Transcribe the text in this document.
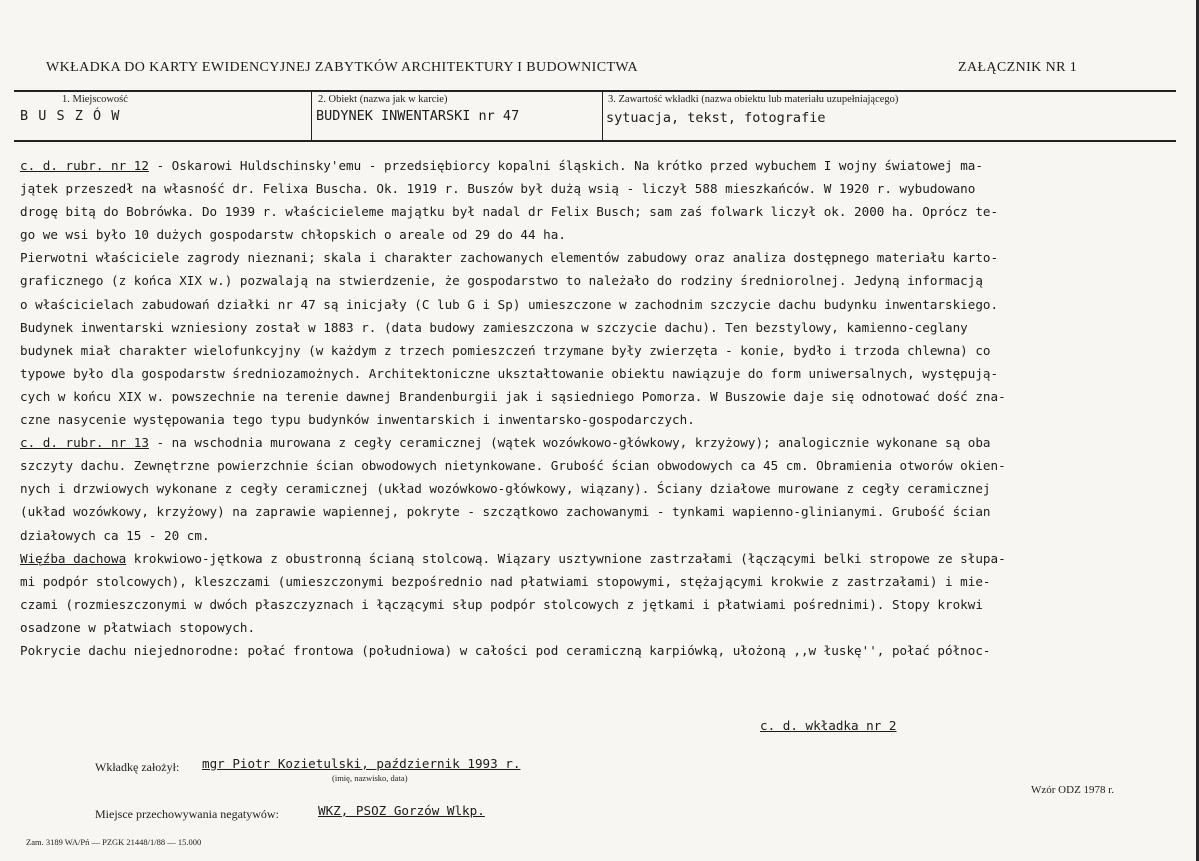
WKŁADKA DO KARTY EWIDENCYJNEJ ZABYTKÓW ARCHITEKTURY I BUDOWNICTWA	ZAŁĄCZNIK NR 1
1. Miejscowość
B U S Z Ó W
2. Obiekt (nazwa jak w karcie)
BUDYNEK INWENTARSKI nr 47
3. Zawartość wkładki (nazwa obiektu lub materiału uzupełniającego)
sytuacja, tekst, fotografie
c. d. rubr. nr 12 - Oskarowi Huldschinsky'emu - przedsiębiorcy kopalni śląskich. Na krótko przed wybuchem I wojny światowej ma-
jątek przeszedł na własność dr. Felixa Buscha. Ok. 1919 r. Buszów był dużą wsią - liczył 588 mieszkańców. W 1920 r. wybudowano
drogę bitą do Bobrówka. Do 1939 r. właścicieleme majątku był nadal dr Felix Busch; sam zaś folwark liczył ok. 2000 ha. Oprócz te-
go we wsi było 10 dużych gospodarstw chłopskich o areale od 29 do 44 ha.
Pierwotni właściciele zagrody nieznani; skala i charakter zachowanych elementów zabudowy oraz analiza dostępnego materiału karto-
graficznego (z końca XIX w.) pozwalają na stwierdzenie, że gospodarstwo to należało do rodziny średniorolnej. Jedyną informacją
o właścicielach zabudowań działki nr 47 są inicjały (C lub G i Sp) umieszczone w zachodnim szczycie dachu budynku inwentarskiego.
Budynek inwentarski wzniesiony został w 1883 r. (data budowy zamieszczona w szczycie dachu). Ten bezstylowy, kamienno-ceglany
budynek miał charakter wielofunkcyjny (w każdym z trzech pomieszczeń trzymane były zwierzęta - konie, bydło i trzoda chlewna) co
typowe było dla gospodarstw średniozamożnych. Architektoniczne ukształtowanie obiektu nawiązuje do form uniwersalnych, występują-
cych w końcu XIX w. powszechnie na terenie dawnej Brandenburgii jak i sąsiedniego Pomorza. W Buszowie daje się odnotować dość zna-
czne nasycenie występowania tego typu budynków inwentarskich i inwentarsko-gospodarczych.
c. d. rubr. nr 13 - na wschodnia murowana z cegły ceramicznej (wątek wozówkowo-główkowy, krzyżowy); analogicznie wykonane są oba
szczyty dachu. Zewnętrzne powierzchnie ścian obwodowych nietynkowane. Grubość ścian obwodowych ca 45 cm. Obramienia otworów okien-
nych i drzwiowych wykonane z cegły ceramicznej (układ wozówkowo-główkowy, wiązany). Ściany działowe murowane z cegły ceramicznej
(układ wozówkowy, krzyżowy) na zaprawie wapiennej, pokryte - szczątkowo zachowanymi - tynkami wapienno-glinianymi. Grubość ścian
działowych ca 15 - 20 cm.
Więźba dachowa krokwiowo-jętkowa z obustronną ścianą stolcową. Wiązary usztywnione zastrzałami (łączącymi belki stropowe ze słupa-
mi podpór stolcowych), kleszczami (umieszczonymi bezpośrednio nad płatwiami stopowymi, stężającymi krokwie z zastrzałami) i mie-
czami (rozmieszczonymi w dwóch płaszczyznach i łączącymi słup podpór stolcowych z jętkami i płatwiami pośrednimi). Stopy krokwi
osadzone w płatwiach stopowych.
Pokrycie dachu niejednorodne: połać frontowa (południowa) w całości pod ceramiczną karpiówką, ułożoną ,,w łuskę'', połać północ-
c. d. wkładka nr 2
Wkładkę założył: mgr Piotr Kozietulski, październik 1993 r.
(imię, nazwisko, data)
Wzór ODZ 1978 r.
Miejsce przechowywania negatywów:	WKZ, PSOZ Gorzów Wlkp.
Zam. 3189 WA/Pń — PZGK 21448/1/88 — 15.000
